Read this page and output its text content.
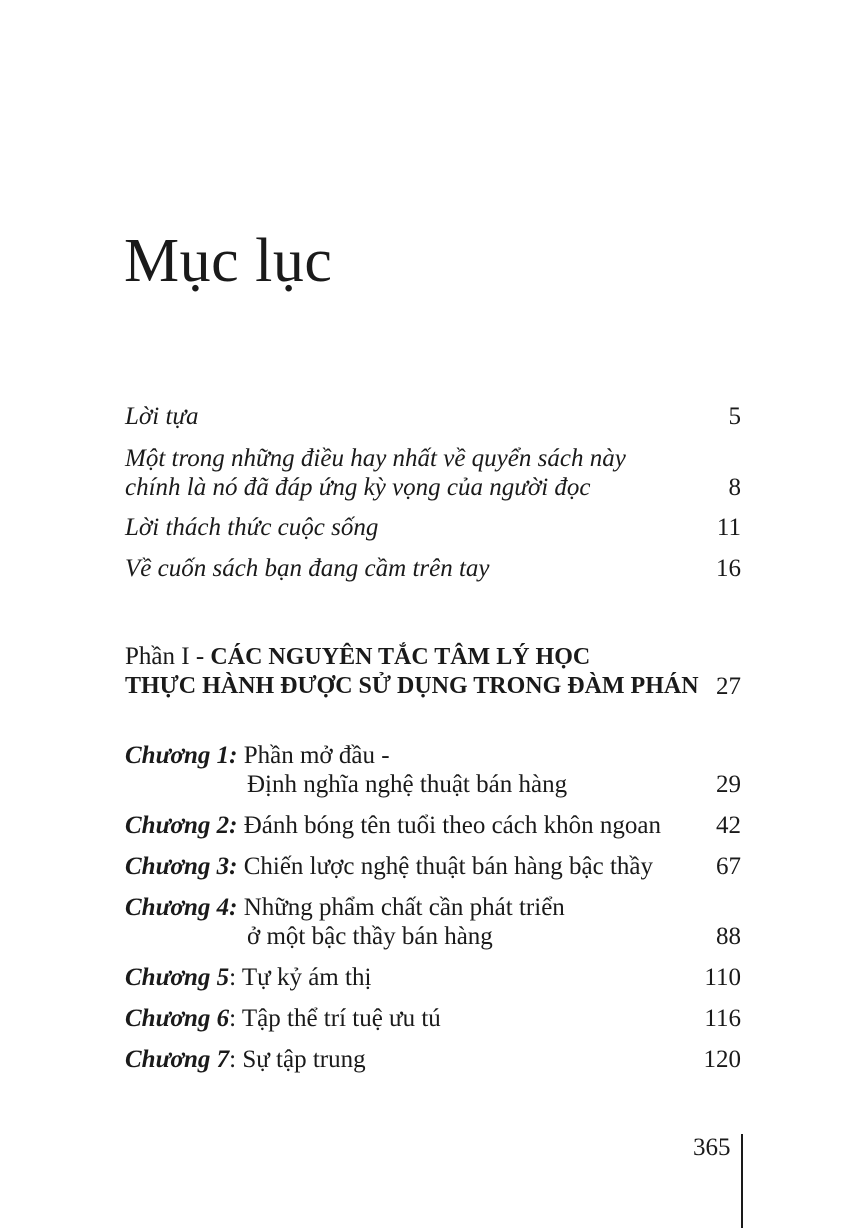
Mục lục
Lời tựa	5
Một trong những điều hay nhất về quyển sách này
chính là nó đã đáp ứng kỳ vọng của người đọc	8
Lời thách thức cuộc sống	11
Về cuốn sách bạn đang cầm trên tay	16
Phần I - CÁC NGUYÊN TẮC TÂM LÝ HỌC
THỰC HÀNH ĐƯỢC SỬ DỤNG TRONG ĐÀM PHÁN 27
Chương 1: Phần mở đầu -
Định nghĩa nghệ thuật bán hàng	29
Chương 2: Đánh bóng tên tuổi theo cách khôn ngoan 42
Chương 3: Chiến lược nghệ thuật bán hàng bậc thầy	67
Chương 4: Những phẩm chất cần phát triển
ở một bậc thầy bán hàng	88
Chương 5: Tự kỷ ám thị	110
Chương 6: Tập thể trí tuệ ưu tú	116
Chương 7: Sự tập trung	120
365
